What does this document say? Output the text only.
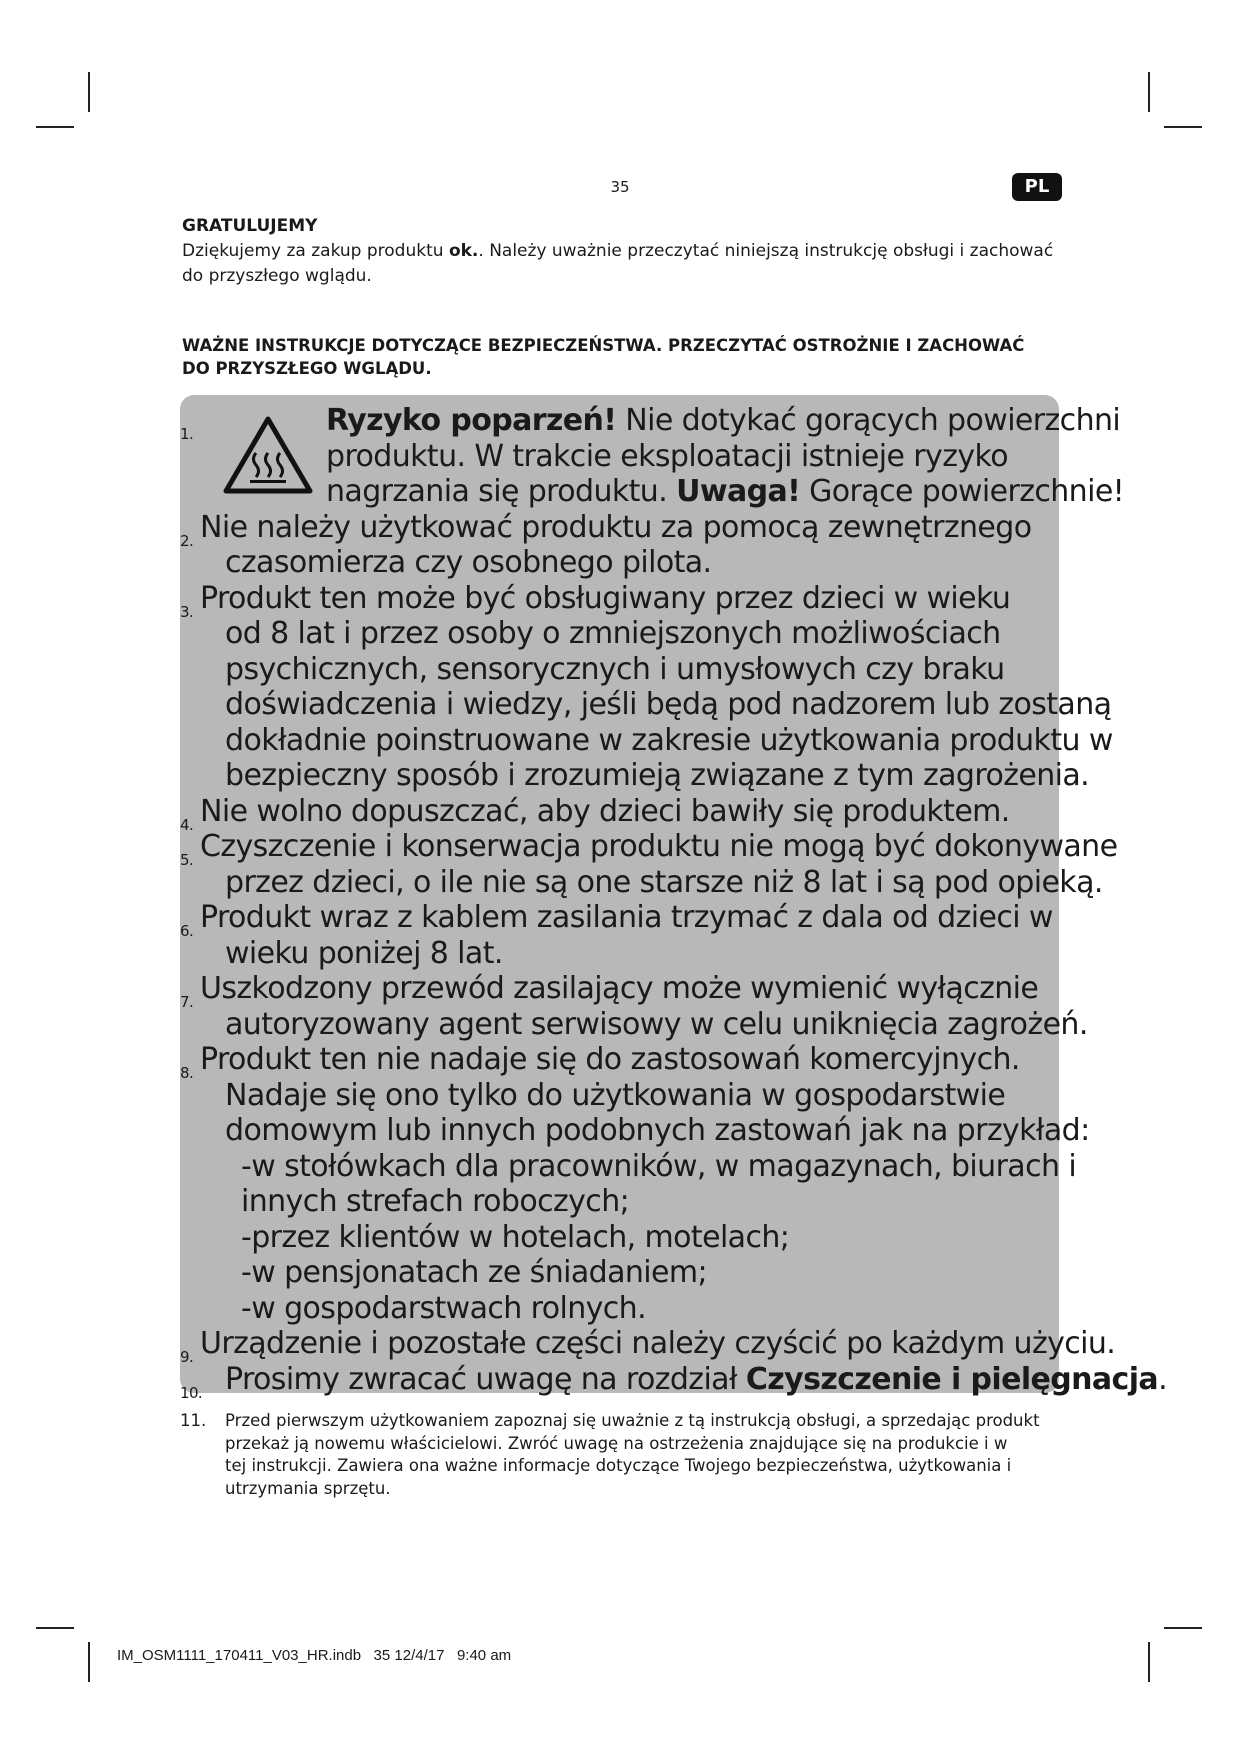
35	PL
GRATULUJEMY
Dziękujemy za zakup produktu ok.. Należy uważnie przeczytać niniejszą instrukcję obsługi i zachować
do przyszłego wglądu.
WAŻNE INSTRUKCJE DOTYCZĄCE BEZPIECZEŃSTWA. PRZECZYTAĆ OSTROŻNIE I ZACHOWAĆ
DO PRZYSZŁEGO WGLĄDU.
1.	Ryzyko poparzeń! Nie dotykać gorących powierzchni
produktu. W trakcie eksploatacji istnieje ryzyko
nagrzania się produktu. Uwaga! Gorące powierzchnie!
2. Nie należy użytkować produktu za pomocą zewnętrznego
czasomierza czy osobnego pilota.
3. Produkt ten może być obsługiwany przez dzieci w wieku
od 8 lat i przez osoby o zmniejszonych możliwościach
psychicznych, sensorycznych i umysłowych czy braku
doświadczenia i wiedzy, jeśli będą pod nadzorem lub zostaną
dokładnie poinstruowane w zakresie użytkowania produktu w
bezpieczny sposób i zrozumieją związane z tym zagrożenia.
4. Nie wolno dopuszczać, aby dzieci bawiły się produktem.
5. Czyszczenie i konserwacja produktu nie mogą być dokonywane
przez dzieci, o ile nie są one starsze niż 8 lat i są pod opieką.
6. Produkt wraz z kablem zasilania trzymać z dala od dzieci w
wieku poniżej 8 lat.
7. Uszkodzony przewód zasilający może wymienić wyłącznie
autoryzowany agent serwisowy w celu uniknięcia zagrożeń.
8. Produkt ten nie nadaje się do zastosowań komercyjnych.
Nadaje się ono tylko do użytkowania w gospodarstwie
domowym lub innych podobnych zastowań jak na przykład:
-w stołówkach dla pracowników, w magazynach, biurach i
innych strefach roboczych;
-przez klientów w hotelach, motelach;
-w pensjonatach ze śniadaniem;
-w gospodarstwach rolnych.
9. Urządzenie i pozostałe części należy czyścić po każdym użyciu.
10. Prosimy zwracać uwagę na rozdział Czyszczenie i pielęgnacja.
11. Przed pierwszym użytkowaniem zapoznaj się uważnie z tą instrukcją obsługi, a sprzedając produkt
przekaż ją nowemu właścicielowi. Zwróć uwagę na ostrzeżenia znajdujące się na produkcie i w
tej instrukcji. Zawiera ona ważne informacje dotyczące Twojego bezpieczeństwa, użytkowania i
utrzymania sprzętu.
IM_OSM1111_170411_V03_HR.indb   35 12/4/17   9:40 am
